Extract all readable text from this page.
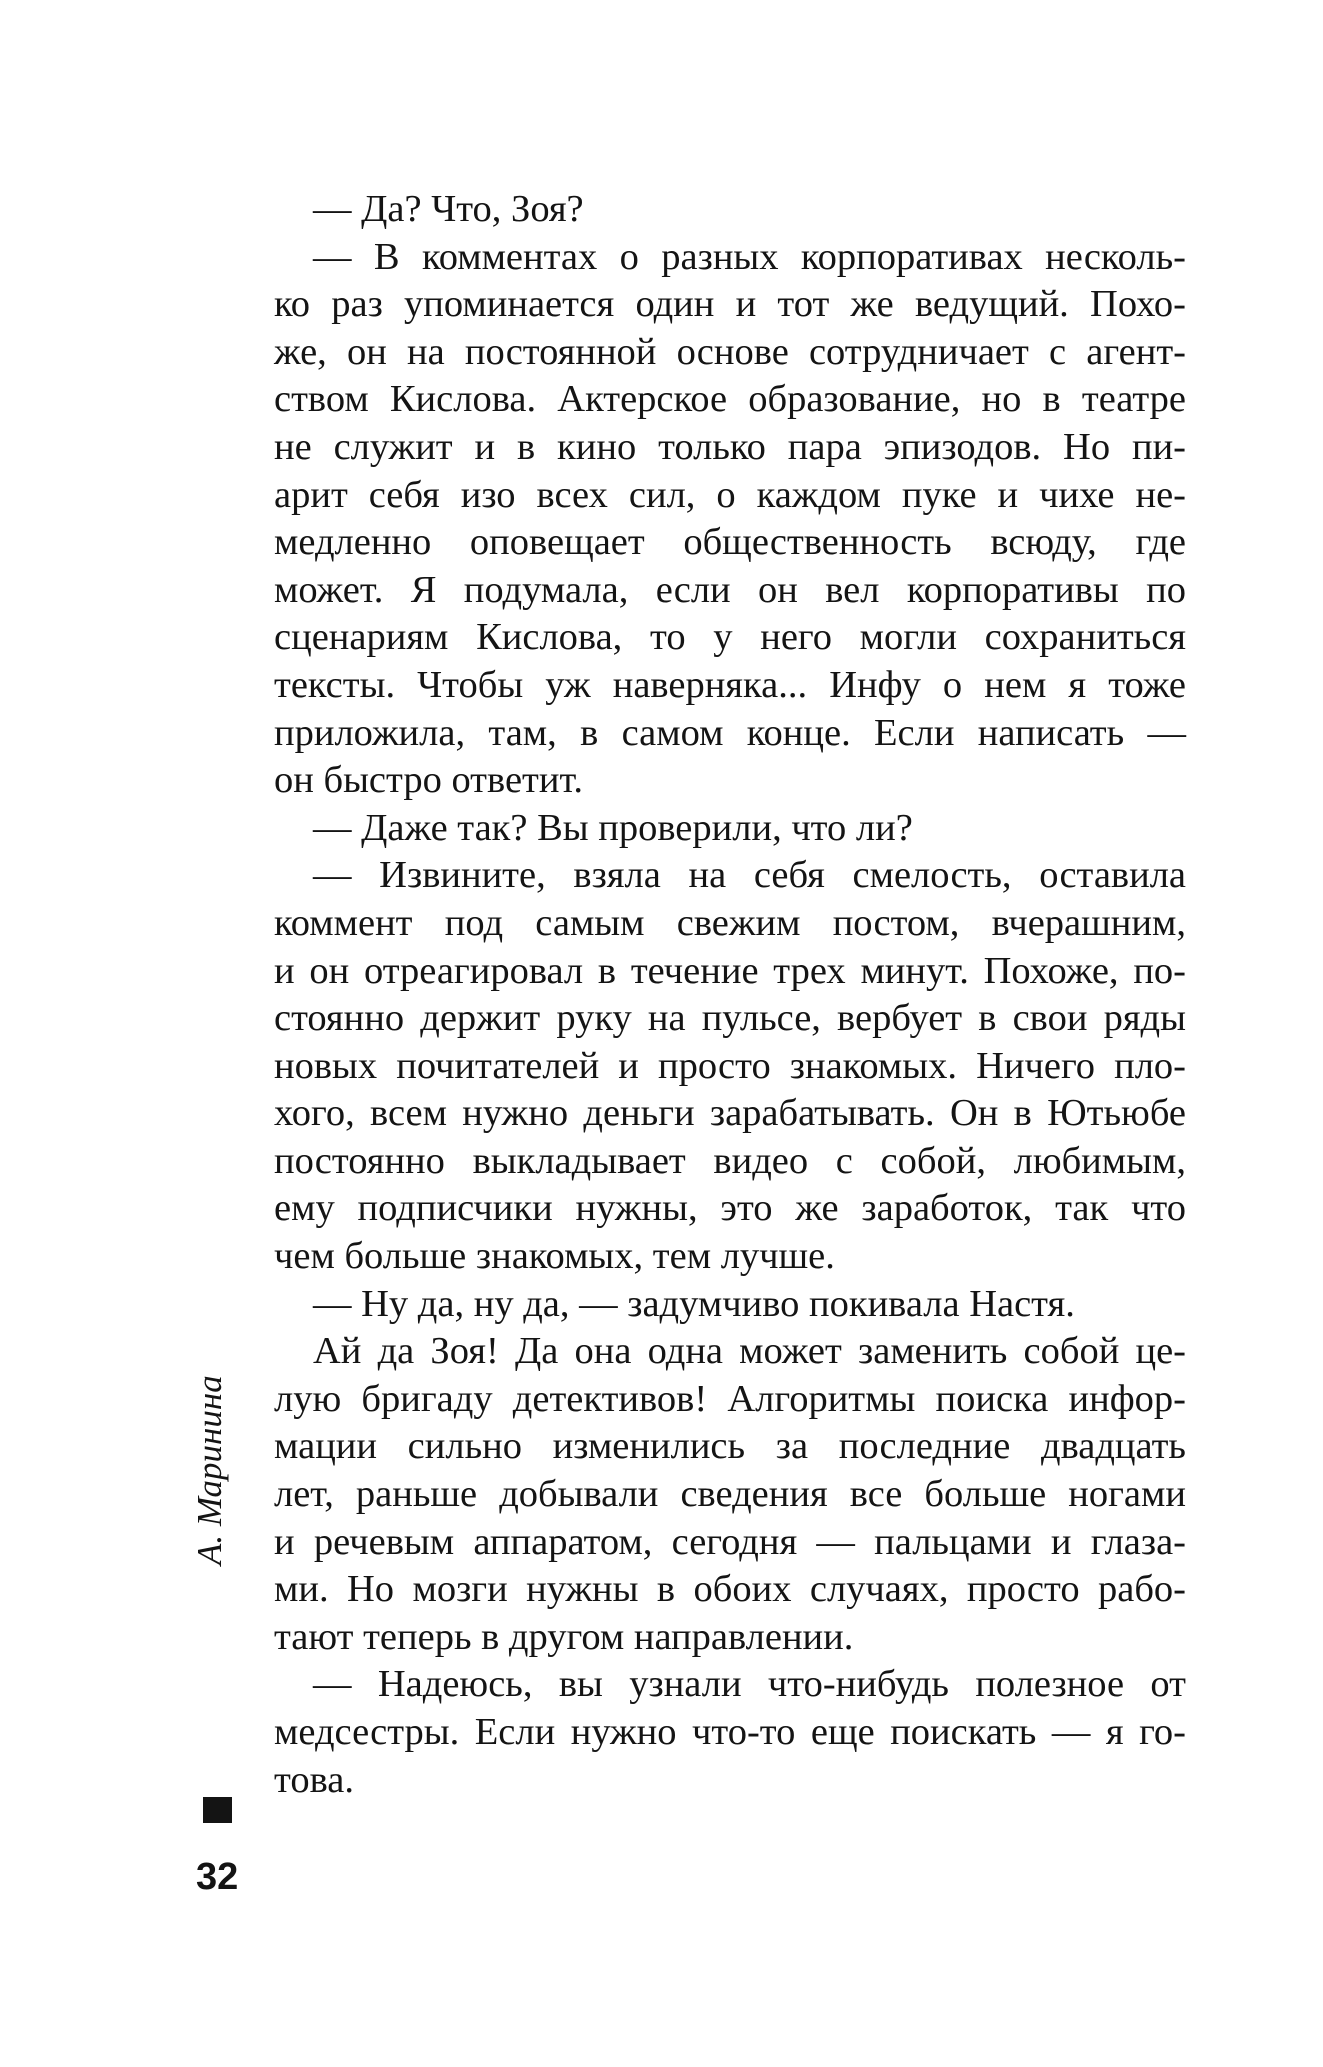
— Да? Что, Зоя?
— В комментах о разных корпоративах несколь-
ко раз упоминается один и тот же ведущий. Похо-
же, он на постоянной основе сотрудничает с агент-
ством Кислова. Актерское образование, но в театре
не служит и в кино только пара эпизодов. Но пи-
арит себя изо всех сил, о каждом пуке и чихе не-
медленно оповещает общественность всюду, где
может. Я подумала, если он вел корпоративы по
сценариям Кислова, то у него могли сохраниться
тексты. Чтобы уж наверняка... Инфу о нем я тоже
приложила, там, в самом конце. Если написать —
он быстро ответит.
— Даже так? Вы проверили, что ли?
— Извините, взяла на себя смелость, оставила
коммент под самым свежим постом, вчерашним,
и он отреагировал в течение трех минут. Похоже, по-
стоянно держит руку на пульсе, вербует в свои ряды
новых почитателей и просто знакомых. Ничего пло-
хого, всем нужно деньги зарабатывать. Он в Ютьюбе
постоянно выкладывает видео с собой, любимым,
ему подписчики нужны, это же заработок, так что
чем больше знакомых, тем лучше.
— Ну да, ну да, — задумчиво покивала Настя.
Ай да Зоя! Да она одна может заменить собой це-
лую бригаду детективов! Алгоритмы поиска инфор-
мации сильно изменились за последние двадцать
лет, раньше добывали сведения все больше ногами
и речевым аппаратом, сегодня — пальцами и глаза-
ми. Но мозги нужны в обоих случаях, просто рабо-
тают теперь в другом направлении.
— Надеюсь, вы узнали что-нибудь полезное от
медсестры. Если нужно что-то еще поискать — я го-
това.
А. Маринина
32
